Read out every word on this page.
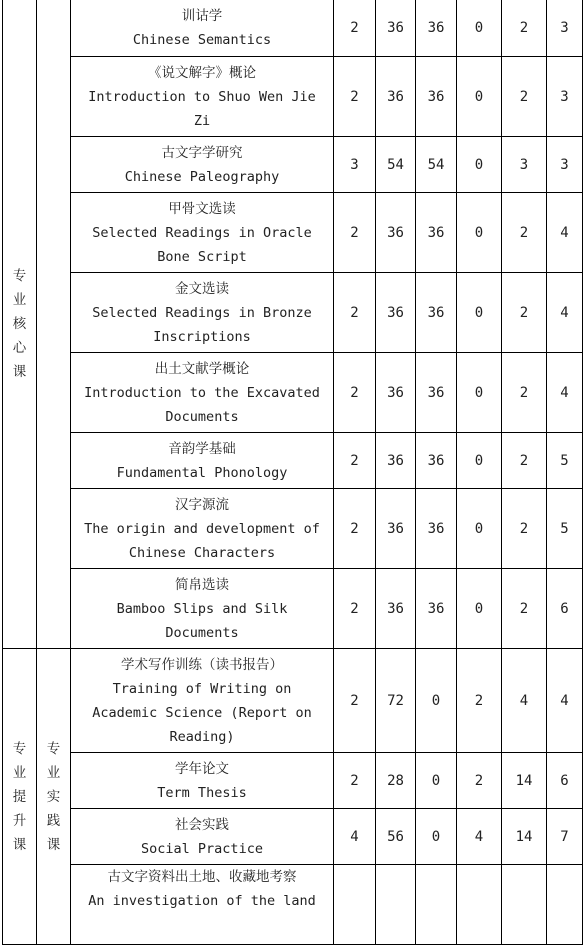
专业核心课		训诂学
Chinese Semantics	2	36	36	0	2	3

		《说文解字》概论
Introduction to Shuo Wen Jie Zi	2	36	36	0	2	3

		古文字学研究
Chinese Paleography	3	54	54	0	3	3

		甲骨文选读
Selected Readings in Oracle Bone Script	2	36	36	0	2	4

		金文选读
Selected Readings in Bronze Inscriptions	2	36	36	0	2	4

		出土文献学概论
Introduction to the Excavated Documents	2	36	36	0	2	4

		音韵学基础
Fundamental Phonology	2	36	36	0	2	5

		汉字源流
The origin and development of Chinese Characters	2	36	36	0	2	5

		简帛选读
Bamboo Slips and Silk Documents	2	36	36	0	2	6
专业提升课	专业实践课	学术写作训练（读书报告）
Training of Writing on Academic Science (Report on Reading)	2	72	0	2	4	4

		学年论文
Term Thesis	2	28	0	2	14	6

		社会实践
Social Practice	4	56	0	4	14	7

		古文字资料出土地、收藏地考察
An investigation of the land						
